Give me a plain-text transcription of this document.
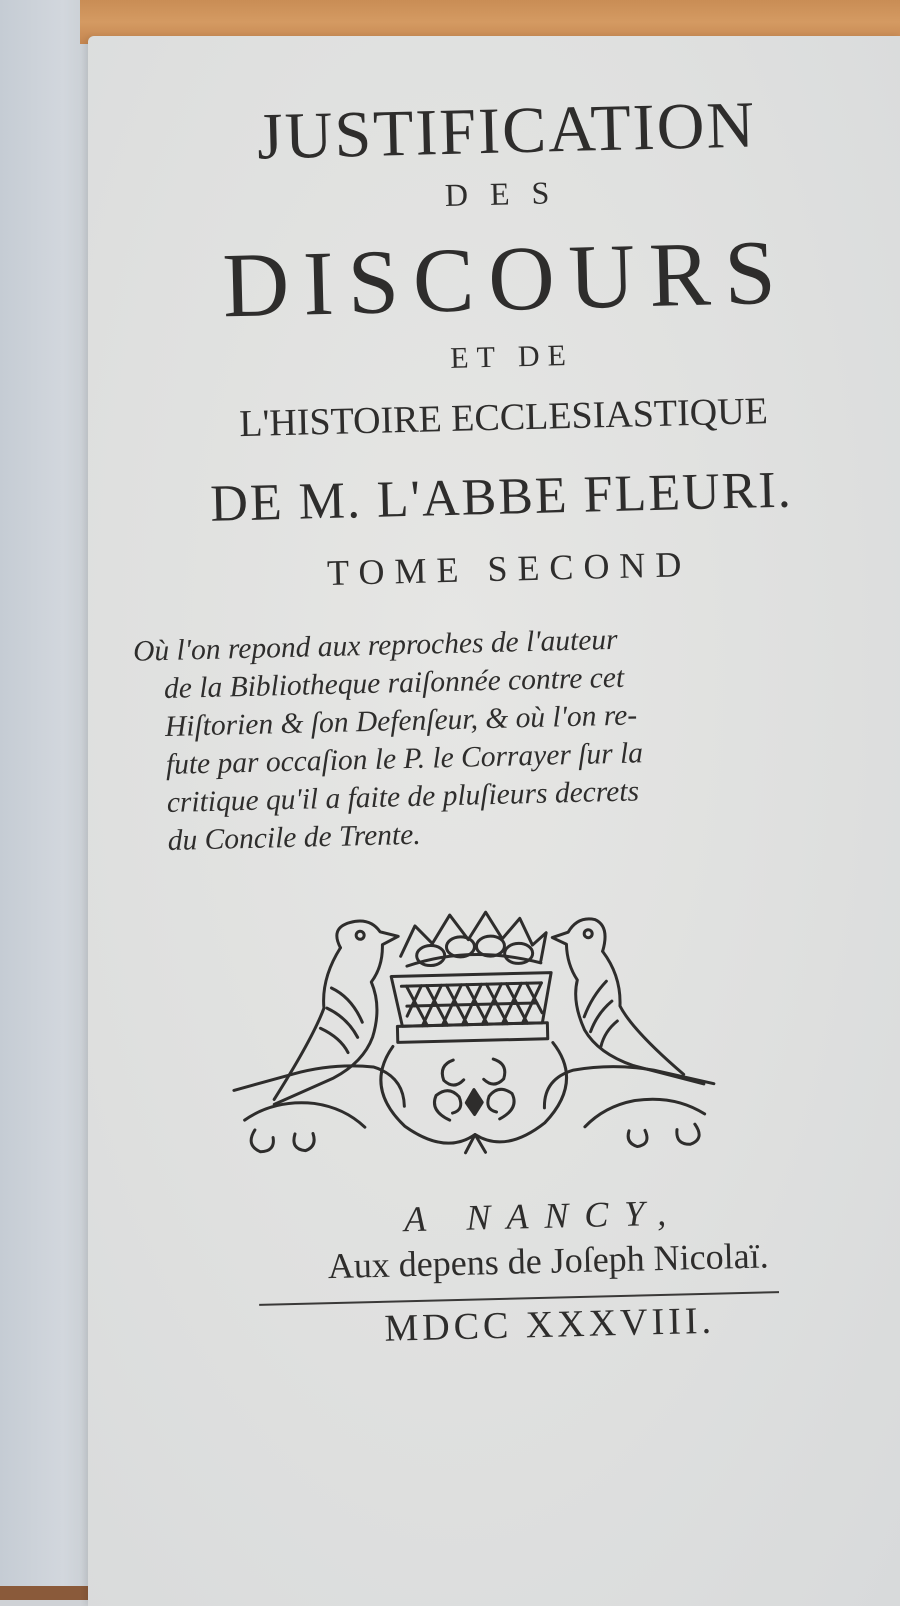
JUSTIFICATION
DES
DISCOURS
ET DE
L'HISTOIRE ECCLESIASTIQUE
DE M. L'ABBE FLEURI.
TOME SECOND
Où l'on repond aux reproches de l'auteur
de la Bibliotheque raiſonnée contre cet
Hiſtorien & ſon Defenſeur, & où l'on re-
fute par occaſion le P. le Corrayer ſur la
critique qu'il a faite de pluſieurs decrets
du Concile de Trente.
A NANCY,
Aux depens de Joſeph Nicolaï.
MDCC XXXVIII.
